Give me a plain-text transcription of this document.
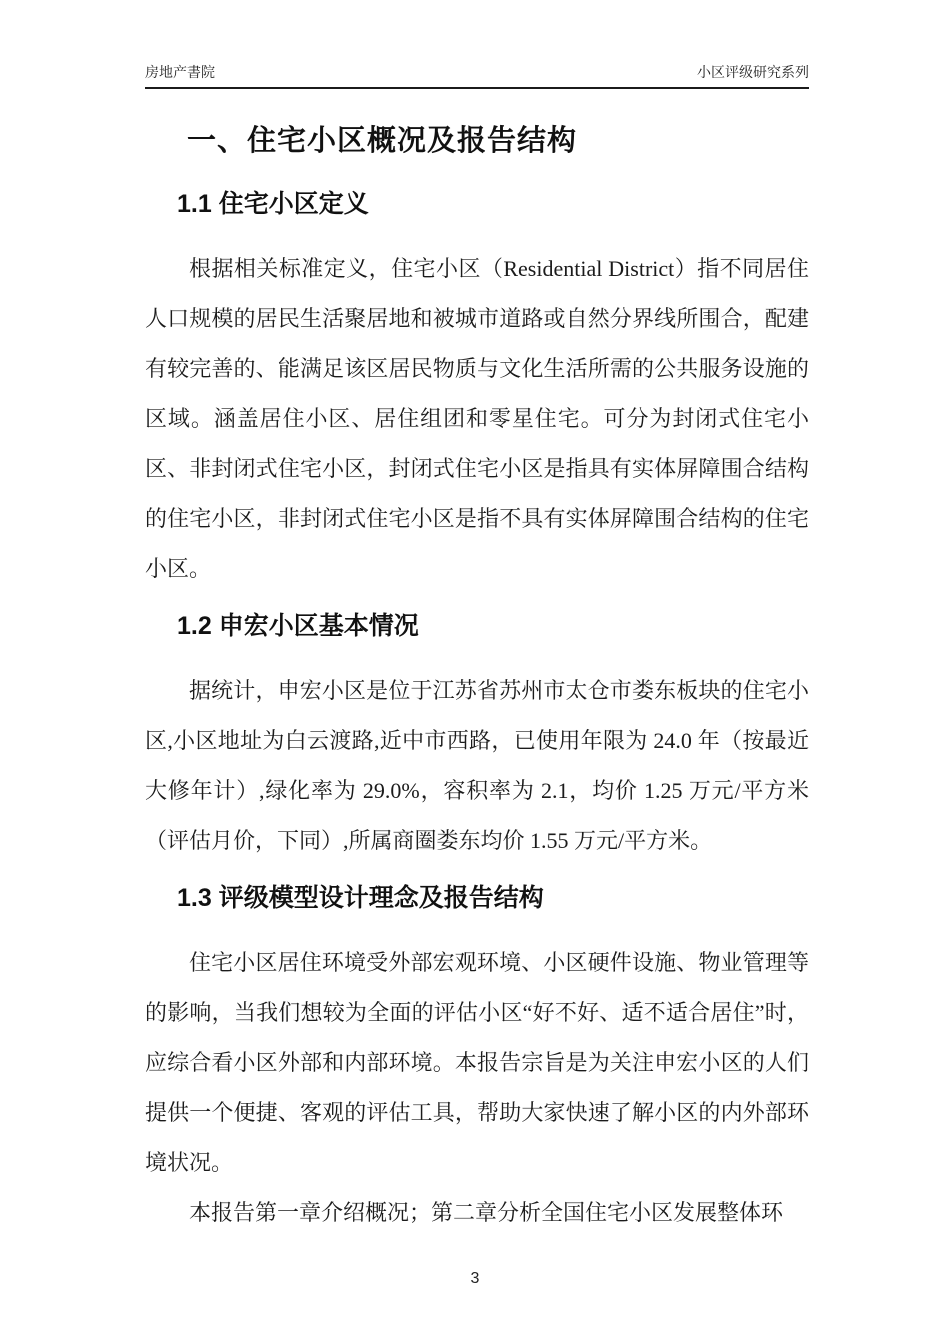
房地产書院	小区评级研究系列
一、住宅小区概况及报告结构
1.1 住宅小区定义

根据相关标准定义，住宅小区（Residential District）指不同居住人口规模的居民生活聚居地和被城市道路或自然分界线所围合，配建有较完善的、能满足该区居民物质与文化生活所需的公共服务设施的区域。涵盖居住小区、居住组团和零星住宅。可分为封闭式住宅小区、非封闭式住宅小区，封闭式住宅小区是指具有实体屏障围合结构的住宅小区，非封闭式住宅小区是指不具有实体屏障围合结构的住宅小区。

1.2 申宏小区基本情况

据统计，申宏小区是位于江苏省苏州市太仓市娄东板块的住宅小区,小区地址为白云渡路,近中市西路，已使用年限为 24.0 年（按最近大修年计）,绿化率为 29.0%，容积率为 2.1，均价 1.25 万元/平方米（评估月价，下同）,所属商圈娄东均价 1.55 万元/平方米。

1.3 评级模型设计理念及报告结构

住宅小区居住环境受外部宏观环境、小区硬件设施、物业管理等的影响，当我们想较为全面的评估小区“好不好、适不适合居住”时，应综合看小区外部和内部环境。本报告宗旨是为关注申宏小区的人们提供一个便捷、客观的评估工具，帮助大家快速了解小区的内外部环境状况。

本报告第一章介绍概况；第二章分析全国住宅小区发展整体环

3
